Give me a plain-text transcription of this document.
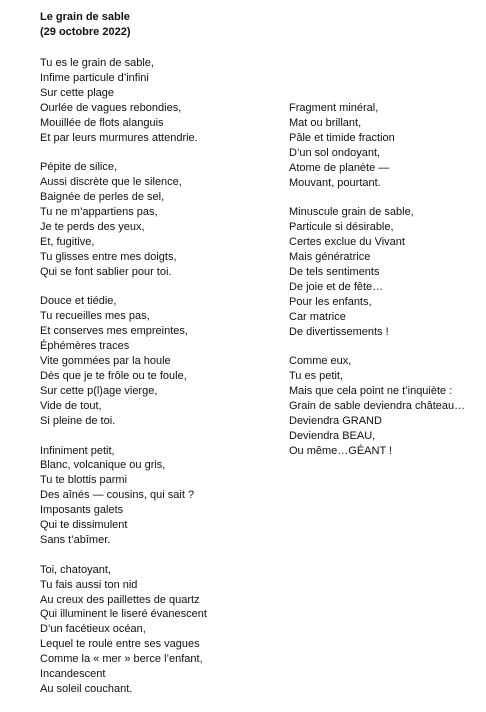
Le grain de sable
(29 octobre 2022)
Tu es le grain de sable,
Infime particule d’infini
Sur cette plage
Ourlée de vagues rebondies,
Mouillée de flots alanguis
Et par leurs murmures attendrie.
Pépite de silice,
Aussi discrète que le silence,
Baignée de perles de sel,
Tu ne m’appartiens pas,
Je te perds des yeux,
Et, fugitive,
Tu glisses entre mes doigts,
Qui se font sablier pour toi.
Douce et tiédie,
Tu recueilles mes pas,
Et conserves mes empreintes,
Éphémères traces
Vite gommées par la houle
Dès que je te frôle ou te foule,
Sur cette p(l)age vierge,
Vide de tout,
Si pleine de toi.
Infiniment petit,
Blanc, volcanique ou gris,
Tu te blottis parmi
Des aînés — cousins, qui sait ?
Imposants galets
Qui te dissimulent
Sans t’abîmer.
Toi, chatoyant,
Tu fais aussi ton nid
Au creux des paillettes de quartz
Qui illuminent le liseré évanescent
D’un facétieux océan,
Lequel te roule entre ses vagues
Comme la « mer » berce l’enfant,
Incandescent
Au soleil couchant.
Fragment minéral,
Mat ou brillant,
Pâle et timide fraction
D’un sol ondoyant,
Atome de planète —
Mouvant, pourtant.
Minuscule grain de sable,
Particule si désirable,
Certes exclue du Vivant
Mais génératrice
De tels sentiments
De joie et de fête…
Pour les enfants,
Car matrice
De divertissements !
Comme eux,
Tu es petit,
Mais que cela point ne t’inquiète :
Grain de sable deviendra château…
Deviendra GRAND
Deviendra BEAU,
Ou même…GÉANT !
